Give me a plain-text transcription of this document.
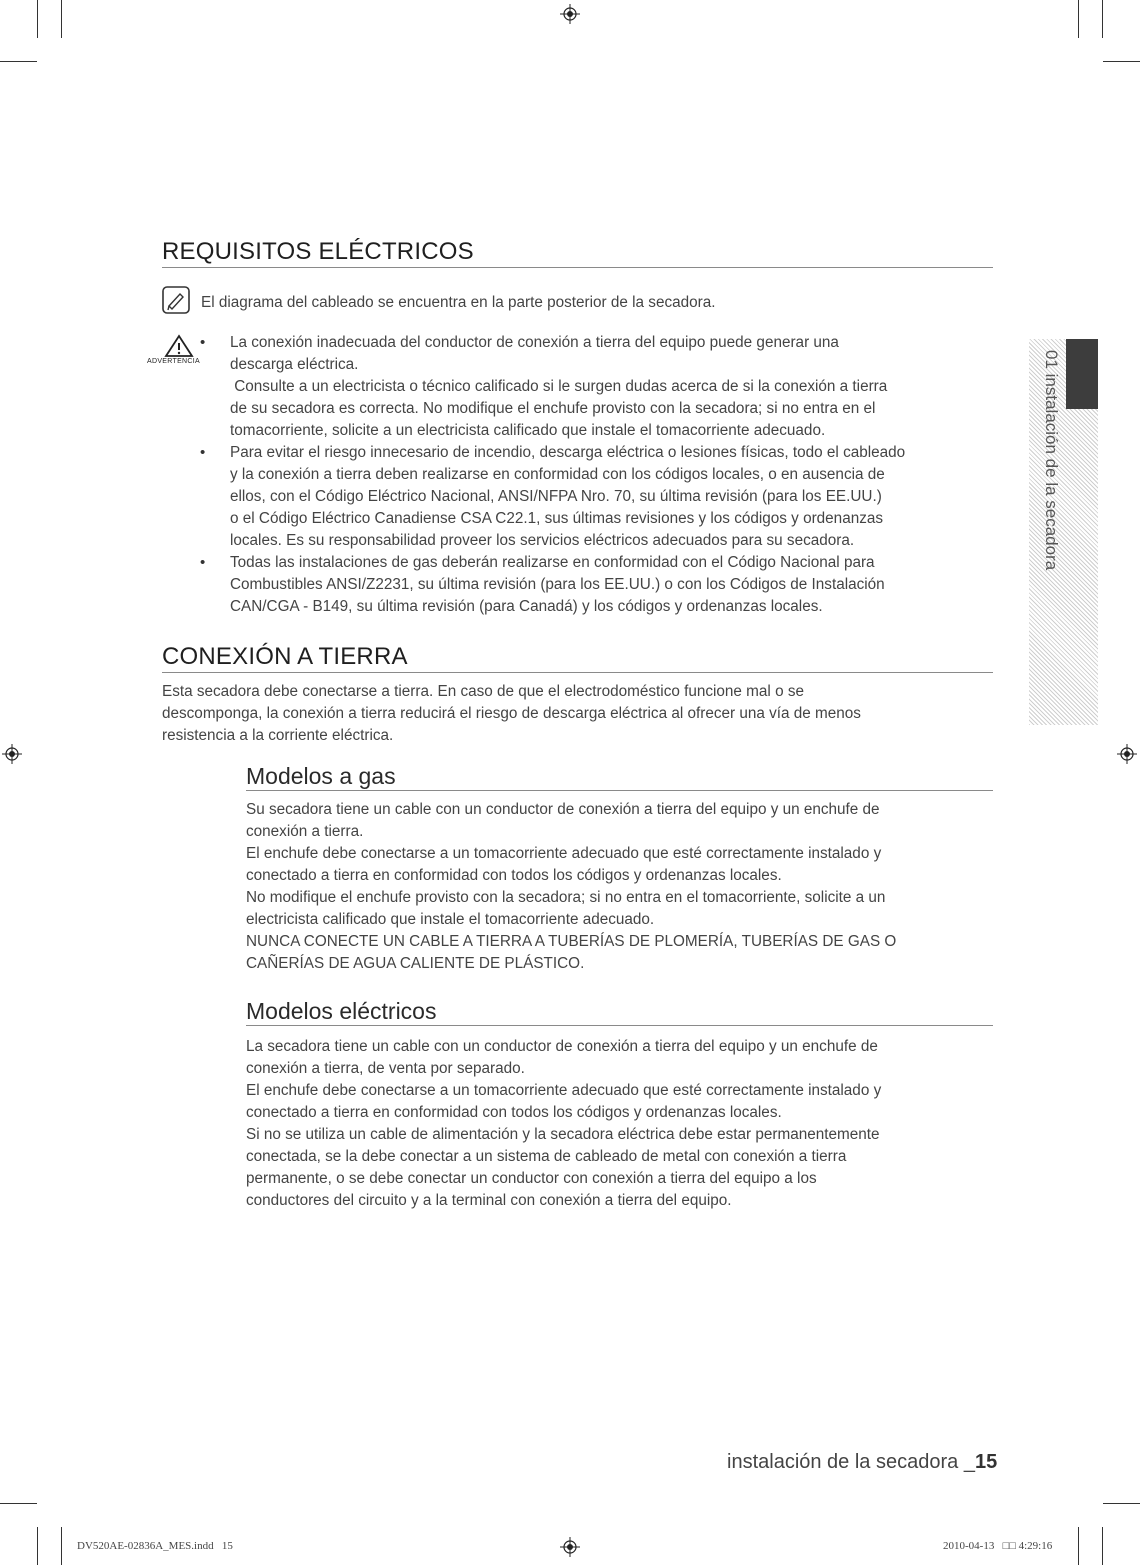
REQUISITOS ELÉCTRICOS

El diagrama del cableado se encuentra en la parte posterior de la secadora.

ADVERTENCIA
• La conexión inadecuada del conductor de conexión a tierra del equipo puede generar una
descarga eléctrica.
Consulte a un electricista o técnico calificado si le surgen dudas acerca de si la conexión a tierra
de su secadora es correcta. No modifique el enchufe provisto con la secadora; si no entra en el
tomacorriente, solicite a un electricista calificado que instale el tomacorriente adecuado.
• Para evitar el riesgo innecesario de incendio, descarga eléctrica o lesiones físicas, todo el cableado
y la conexión a tierra deben realizarse en conformidad con los códigos locales, o en ausencia de
ellos, con el Código Eléctrico Nacional, ANSI/NFPA Nro. 70, su última revisión (para los EE.UU.)
o el Código Eléctrico Canadiense CSA C22.1, sus últimas revisiones y los códigos y ordenanzas
locales. Es su responsabilidad proveer los servicios eléctricos adecuados para su secadora.
• Todas las instalaciones de gas deberán realizarse en conformidad con el Código Nacional para
Combustibles ANSI/Z2231, su última revisión (para los EE.UU.) o con los Códigos de Instalación
CAN/CGA - B149, su última revisión (para Canadá) y los códigos y ordenanzas locales.
CONEXIÓN A TIERRA

Esta secadora debe conectarse a tierra. En caso de que el electrodoméstico funcione mal o se

descomponga, la conexión a tierra reducirá el riesgo de descarga eléctrica al ofrecer una vía de menos

resistencia a la corriente eléctrica.

Modelos a gas

Su secadora tiene un cable con un conductor de conexión a tierra del equipo y un enchufe de

conexión a tierra.

El enchufe debe conectarse a un tomacorriente adecuado que esté correctamente instalado y

conectado a tierra en conformidad con todos los códigos y ordenanzas locales.

No modifique el enchufe provisto con la secadora; si no entra en el tomacorriente, solicite a un

electricista calificado que instale el tomacorriente adecuado.

NUNCA CONECTE UN CABLE A TIERRA A TUBERÍAS DE PLOMERÍA, TUBERÍAS DE GAS O

CAÑERÍAS DE AGUA CALIENTE DE PLÁSTICO.

Modelos eléctricos

La secadora tiene un cable con un conductor de conexión a tierra del equipo y un enchufe de

conexión a tierra, de venta por separado.

El enchufe debe conectarse a un tomacorriente adecuado que esté correctamente instalado y

conectado a tierra en conformidad con todos los códigos y ordenanzas locales.

Si no se utiliza un cable de alimentación y la secadora eléctrica debe estar permanentemente

conectada, se la debe conectar a un sistema de cableado de metal con conexión a tierra

permanente, o se debe conectar un conductor con conexión a tierra del equipo a los

conductores del circuito y a la terminal con conexión a tierra del equipo.

01 instalación de la secadora
instalación de la secadora _15
DV520AE-02836A_MES.indd   15	2010-04-13   □□ 4:29:16
